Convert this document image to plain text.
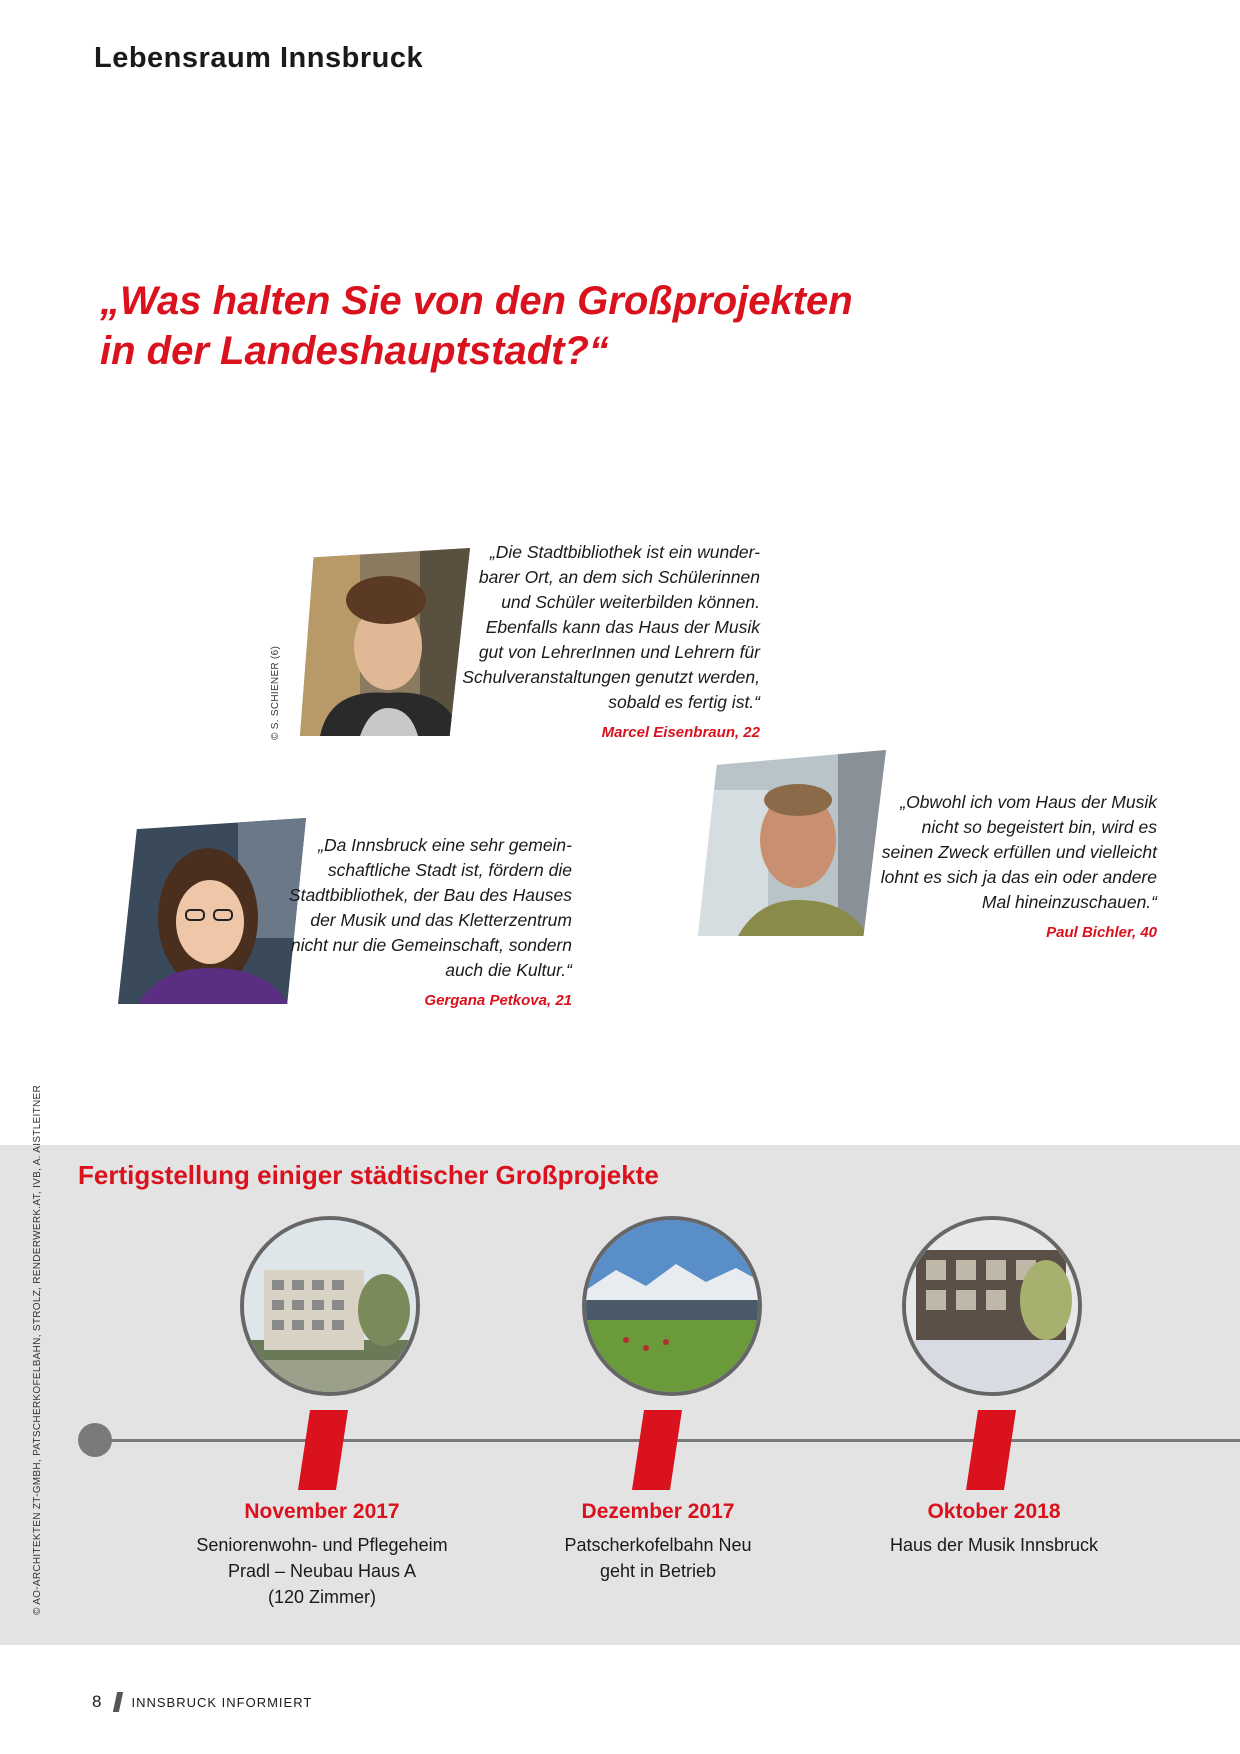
Lebensraum Innsbruck
„Was halten Sie von den Großprojekten
in der Landeshauptstadt?“
© S. SCHIENER (6)

„Die Stadtbibliothek ist ein wunder-
barer Ort, an dem sich Schülerinnen
und Schüler weiterbilden können.
Ebenfalls kann das Haus der Musik
gut von LehrerInnen und Lehrern für
Schulveranstaltungen genutzt werden,
sobald es fertig ist.“
Marcel Eisenbraun, 22

„Da Innsbruck eine sehr gemein-
schaftliche Stadt ist, fördern die
Stadtbibliothek, der Bau des Hauses
der Musik und das Kletterzentrum
nicht nur die Gemeinschaft, sondern
auch die Kultur.“
Gergana Petkova, 21

„Obwohl ich vom Haus der Musik
nicht so begeistert bin, wird es
seinen Zweck erfüllen und vielleicht
lohnt es sich ja das ein oder andere
Mal hineinzuschauen.“
Paul Bichler, 40

Fertigstellung einiger städtischer Großprojekte
© AO-ARCHITEKTEN ZT-GMBH, PATSCHERKOFELBAHN, STROLZ, RENDERWERK.AT, IVB, A. AISTLEITNER	November 2017
Seniorenwohn- und Pflegeheim
Pradl – Neubau Haus A
(120 Zimmer)
Dezember 2017
Patscherkofelbahn Neu
geht in Betrieb
Oktober 2018
Haus der Musik Innsbruck
8 INNSBRUCK INFORMIERT
